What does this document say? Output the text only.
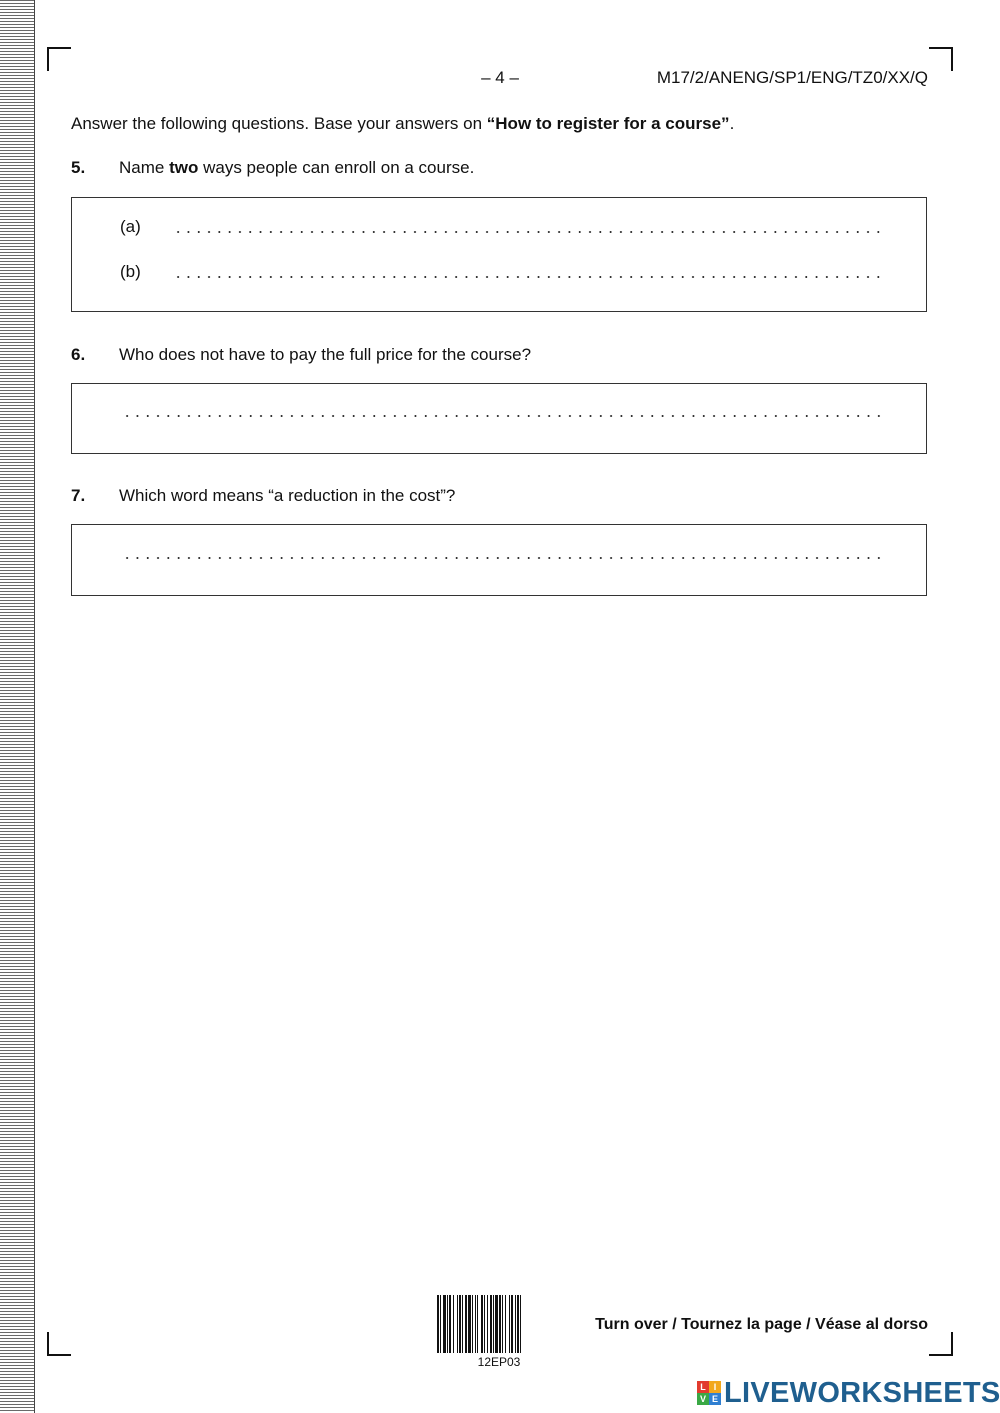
– 4 –	M17/2/ANENG/SP1/ENG/TZ0/XX/Q
Answer the following questions. Base your answers on “How to register for a course”.
5. Name two ways people can enroll on a course.
(a)
(b)
6. Who does not have to pay the full price for the course?
7. Which word means “a reduction in the cost”?
12EP03
Turn over / Tournez la page / Véase al dorso
L I
V E LIVEWORKSHEETS
